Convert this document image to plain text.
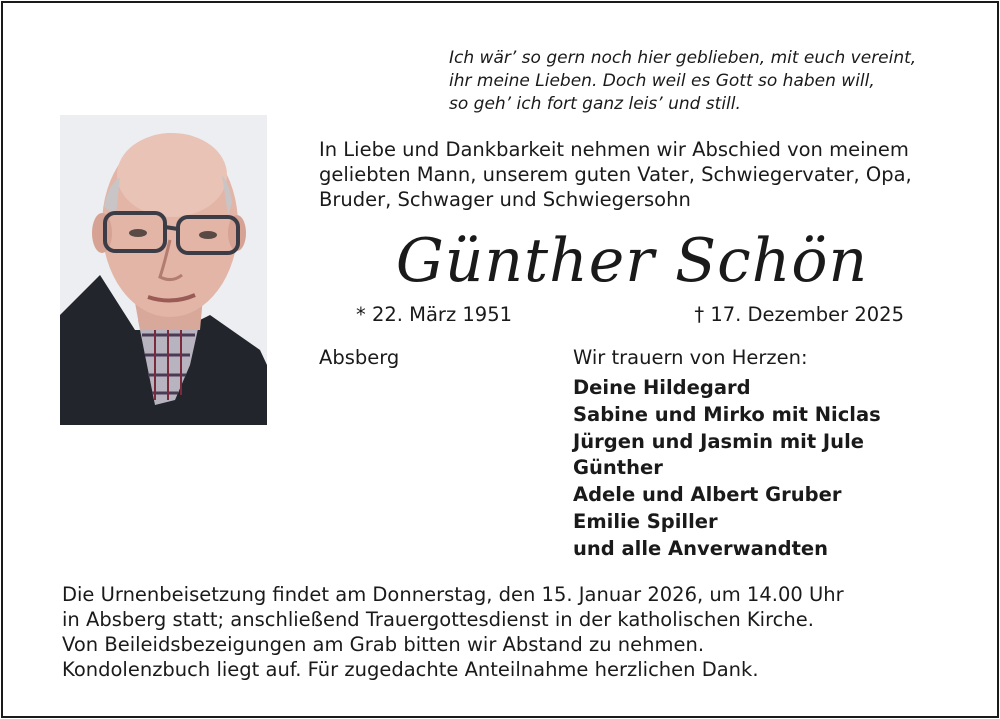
Ich wär’ so gern noch hier geblieben, mit euch vereint,
ihr meine Lieben. Doch weil es Gott so haben will,
so geh’ ich fort ganz leis’ und still.
In Liebe und Dankbarkeit nehmen wir Abschied von meinem
geliebten Mann, unserem guten Vater, Schwiegervater, Opa,
Bruder, Schwager und Schwiegersohn
Günther Schön
* 22. März 1951	† 17. Dezember 2025
Absberg	Wir trauern von Herzen:
Deine Hildegard
Sabine und Mirko mit Niclas
Jürgen und Jasmin mit Jule
Günther
Adele und Albert Gruber
Emilie Spiller
und alle Anverwandten
Die Urnenbeisetzung findet am Donnerstag, den 15. Januar 2026, um 14.00 Uhr
in Absberg statt; anschließend Trauergottesdienst in der katholischen Kirche.
Von Beileidsbezeigungen am Grab bitten wir Abstand zu nehmen.
Kondolenzbuch liegt auf. Für zugedachte Anteilnahme herzlichen Dank.
